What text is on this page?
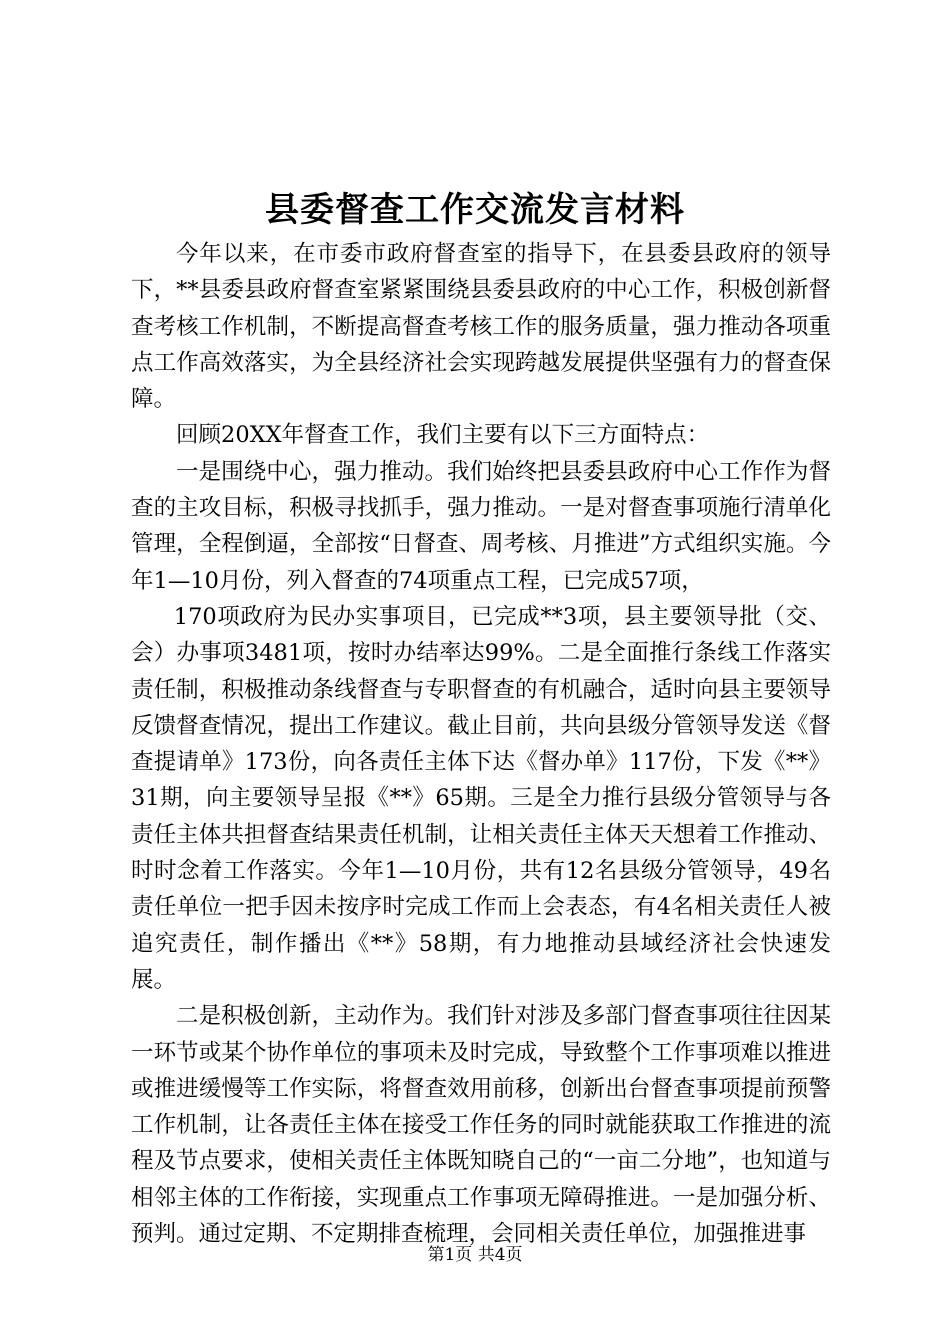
县委督查工作交流发言材料

今年以来，在市委市政府督查室的指导下，在县委县政府的领导下，**县委县政府督查室紧紧围绕县委县政府的中心工作，积极创新督查考核工作机制，不断提高督查考核工作的服务质量，强力推动各项重点工作高效落实，为全县经济社会实现跨越发展提供坚强有力的督查保障。

回顾20XX年督查工作，我们主要有以下三方面特点：

一是围绕中心，强力推动。我们始终把县委县政府中心工作作为督查的主攻目标，积极寻找抓手，强力推动。一是对督查事项施行清单化管理，全程倒逼，全部按“日督查、周考核、月推进”方式组织实施。今年1—10月份，列入督查的74项重点工程，已完成57项，

170项政府为民办实事项目，已完成**3项，县主要领导批（交、会）办事项3481项，按时办结率达99%。二是全面推行条线工作落实责任制，积极推动条线督查与专职督查的有机融合，适时向县主要领导反馈督查情况，提出工作建议。截止目前，共向县级分管领导发送《督查提请单》173份，向各责任主体下达《督办单》117份，下发《**》31期，向主要领导呈报《**》65期。三是全力推行县级分管领导与各责任主体共担督查结果责任机制，让相关责任主体天天想着工作推动、时时念着工作落实。今年1—10月份，共有12名县级分管领导，49名责任单位一把手因未按序时完成工作而上会表态，有4名相关责任人被追究责任，制作播出《**》58期，有力地推动县域经济社会快速发展。

二是积极创新，主动作为。我们针对涉及多部门督查事项往往因某一环节或某个协作单位的事项未及时完成，导致整个工作事项难以推进或推进缓慢等工作实际，将督查效用前移，创新出台督查事项提前预警工作机制，让各责任主体在接受工作任务的同时就能获取工作推进的流程及节点要求，使相关责任主体既知晓自己的“一亩二分地”，也知道与相邻主体的工作衔接，实现重点工作事项无障碍推进。一是加强分析、预判。通过定期、不定期排查梳理，会同相关责任单位，加强推进事

第1页 共4页
